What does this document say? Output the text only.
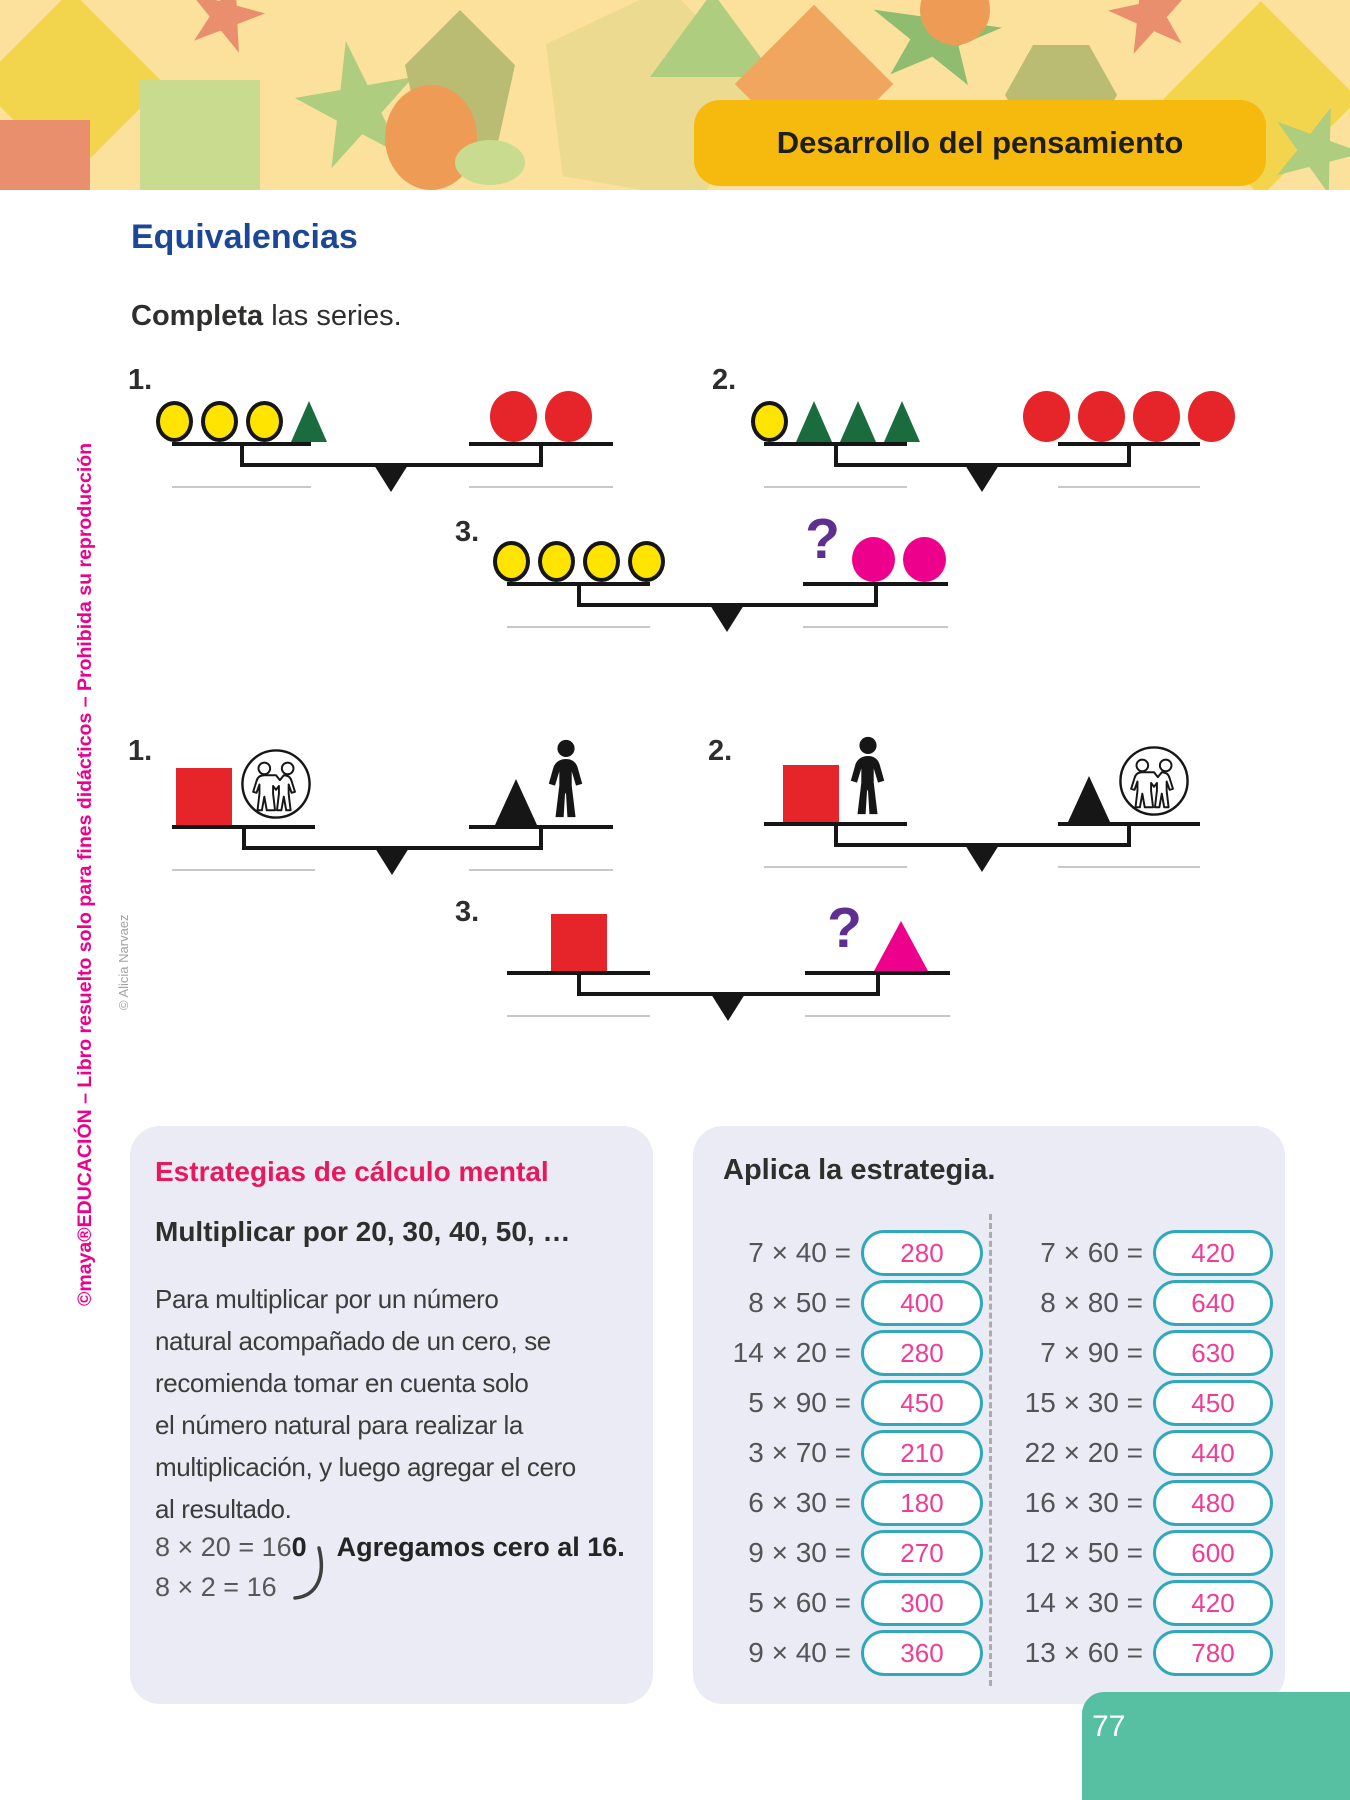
Desarrollo del pensamiento
Equivalencias

Completa las series.

1.	2.
3.	?
1.	2.
3.	?
©maya®EDUCACIÓN – Libro resuelto solo para fines didácticos – Prohibida su reproducción © Alicia Narvaez
Estrategias de cálculo mental
Multiplicar por 20, 30, 40, 50, …
Para multiplicar por un número
natural acompañado de un cero, se
recomienda tomar en cuenta solo
el número natural para realizar la
multiplicación, y luego agregar el cero
al resultado.
8 × 20 = 160 Agregamos cero al 16.
8 × 2 = 16
Aplica la estrategia.
7 × 40 =	280
8 × 50 =	400
14 × 20 =	280
5 × 90 =	450
3 × 70 =	210
6 × 30 =	180
9 × 30 =	270
5 × 60 =	300
9 × 40 =	360
7 × 60 =	420
8 × 80 =	640
7 × 90 =	630
15 × 30 =	450
22 × 20 =	440
16 × 30 =	480
12 × 50 =	600
14 × 30 =	420
13 × 60 =	780
77
